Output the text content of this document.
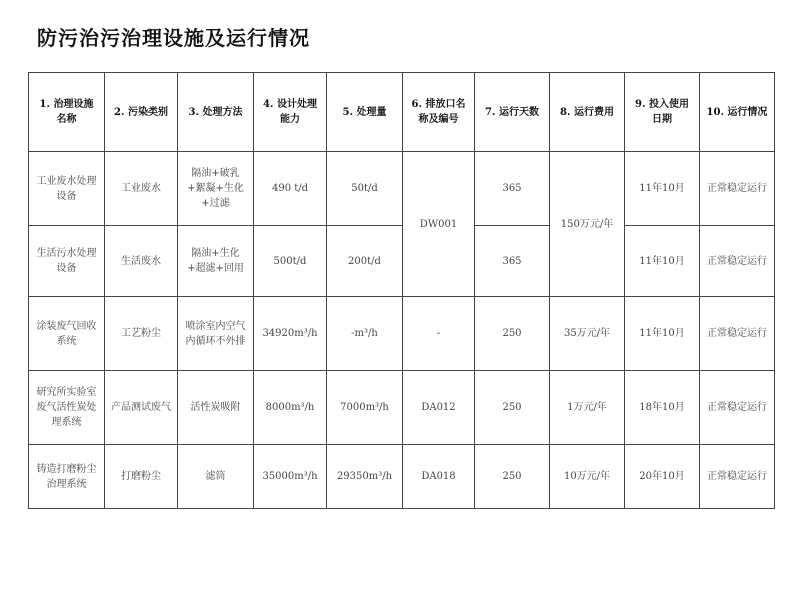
防污治污治理设施及运行情况
1. 治理设施名称	2. 污染类别	3. 处理方法	4. 设计处理能力	5. 处理量	6. 排放口名称及编号	7. 运行天数	8. 运行费用	9. 投入使用日期	10. 运行情况
工业废水处理设备	工业废水	隔油+破乳+絮凝+生化+过滤	490 t/d	50t/d	DW001	365	150万元/年	11年10月	正常稳定运行
生活污水处理设备	生活废水	隔油+生化+超滤+回用	500t/d	200t/d		365		11年10月	正常稳定运行
涂装废气回收系统	工艺粉尘	喷涂室内空气内循环不外排	34920m³/h	-m³/h	-	250	35万元/年	11年10月	正常稳定运行
研究所实验室废气活性炭处理系统	产品测试废气	活性炭吸附	8000m³/h	7000m³/h	DA012	250	1万元/年	18年10月	正常稳定运行
铸造打磨粉尘治理系统	打磨粉尘	滤筒	35000m³/h	29350m³/h	DA018	250	10万元/年	20年10月	正常稳定运行
